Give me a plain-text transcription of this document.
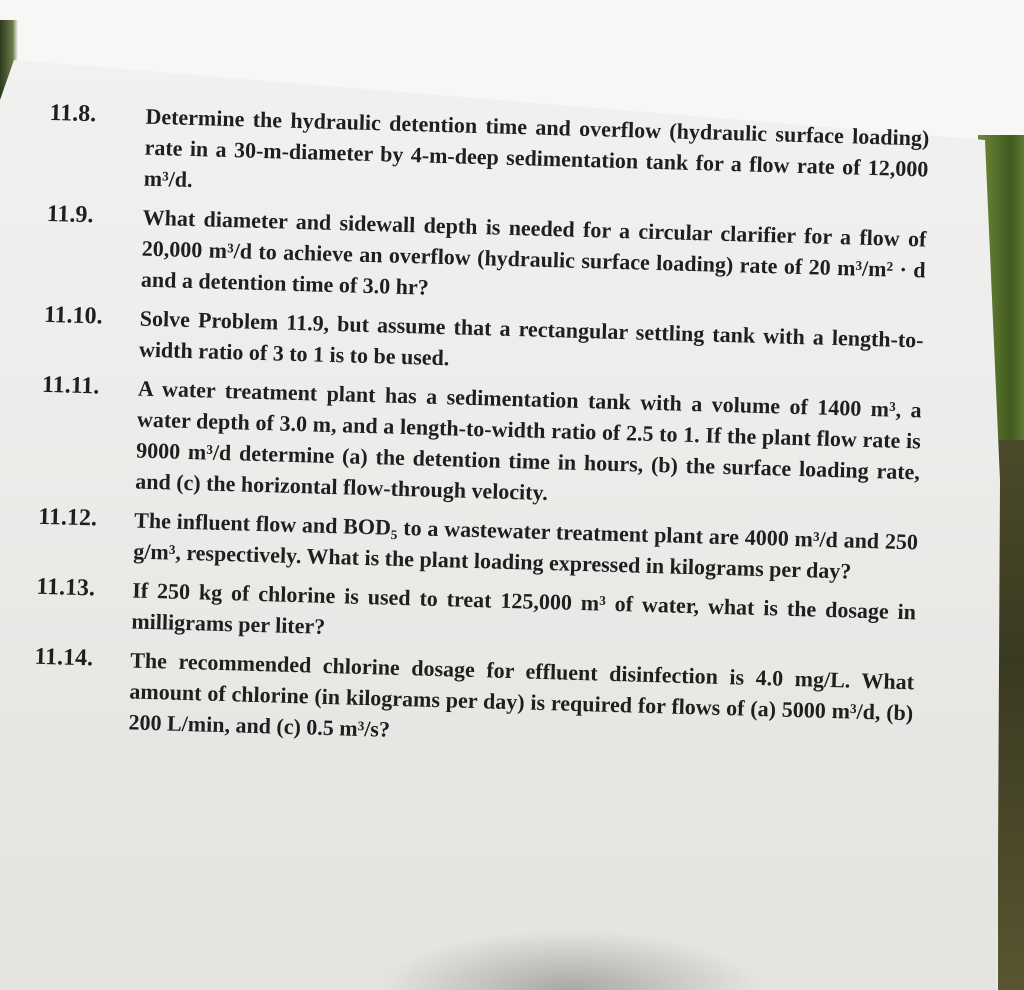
11.8.	Determine the hydraulic detention time and overflow (hydraulic surface loading) rate in a 30-m-diameter by 4-m-deep sedimentation tank for a flow rate of 12,000 m³/d.
11.9.	What diameter and sidewall depth is needed for a circular clarifier for a flow of 20,000 m³/d to achieve an overflow (hydraulic surface loading) rate of 20 m³/m² · d and a detention time of 3.0 hr?
11.10.	Solve Problem 11.9, but assume that a rectangular settling tank with a length-to-width ratio of 3 to 1 is to be used.
11.11.	A water treatment plant has a sedimentation tank with a volume of 1400 m³, a water depth of 3.0 m, and a length-to-width ratio of 2.5 to 1. If the plant flow rate is 9000 m³/d determine (a) the detention time in hours, (b) the surface loading rate, and (c) the horizontal flow-through velocity.
11.12.	The influent flow and BOD₅ to a wastewater treatment plant are 4000 m³/d and 250 g/m³, respectively. What is the plant loading expressed in kilograms per day?
11.13.	If 250 kg of chlorine is used to treat 125,000 m³ of water, what is the dosage in milligrams per liter?
11.14.	The recommended chlorine dosage for effluent disinfection is 4.0 mg/L. What amount of chlorine (in kilograms per day) is required for flows of (a) 5000 m³/d, (b) 200 L/min, and (c) 0.5 m³/s?
